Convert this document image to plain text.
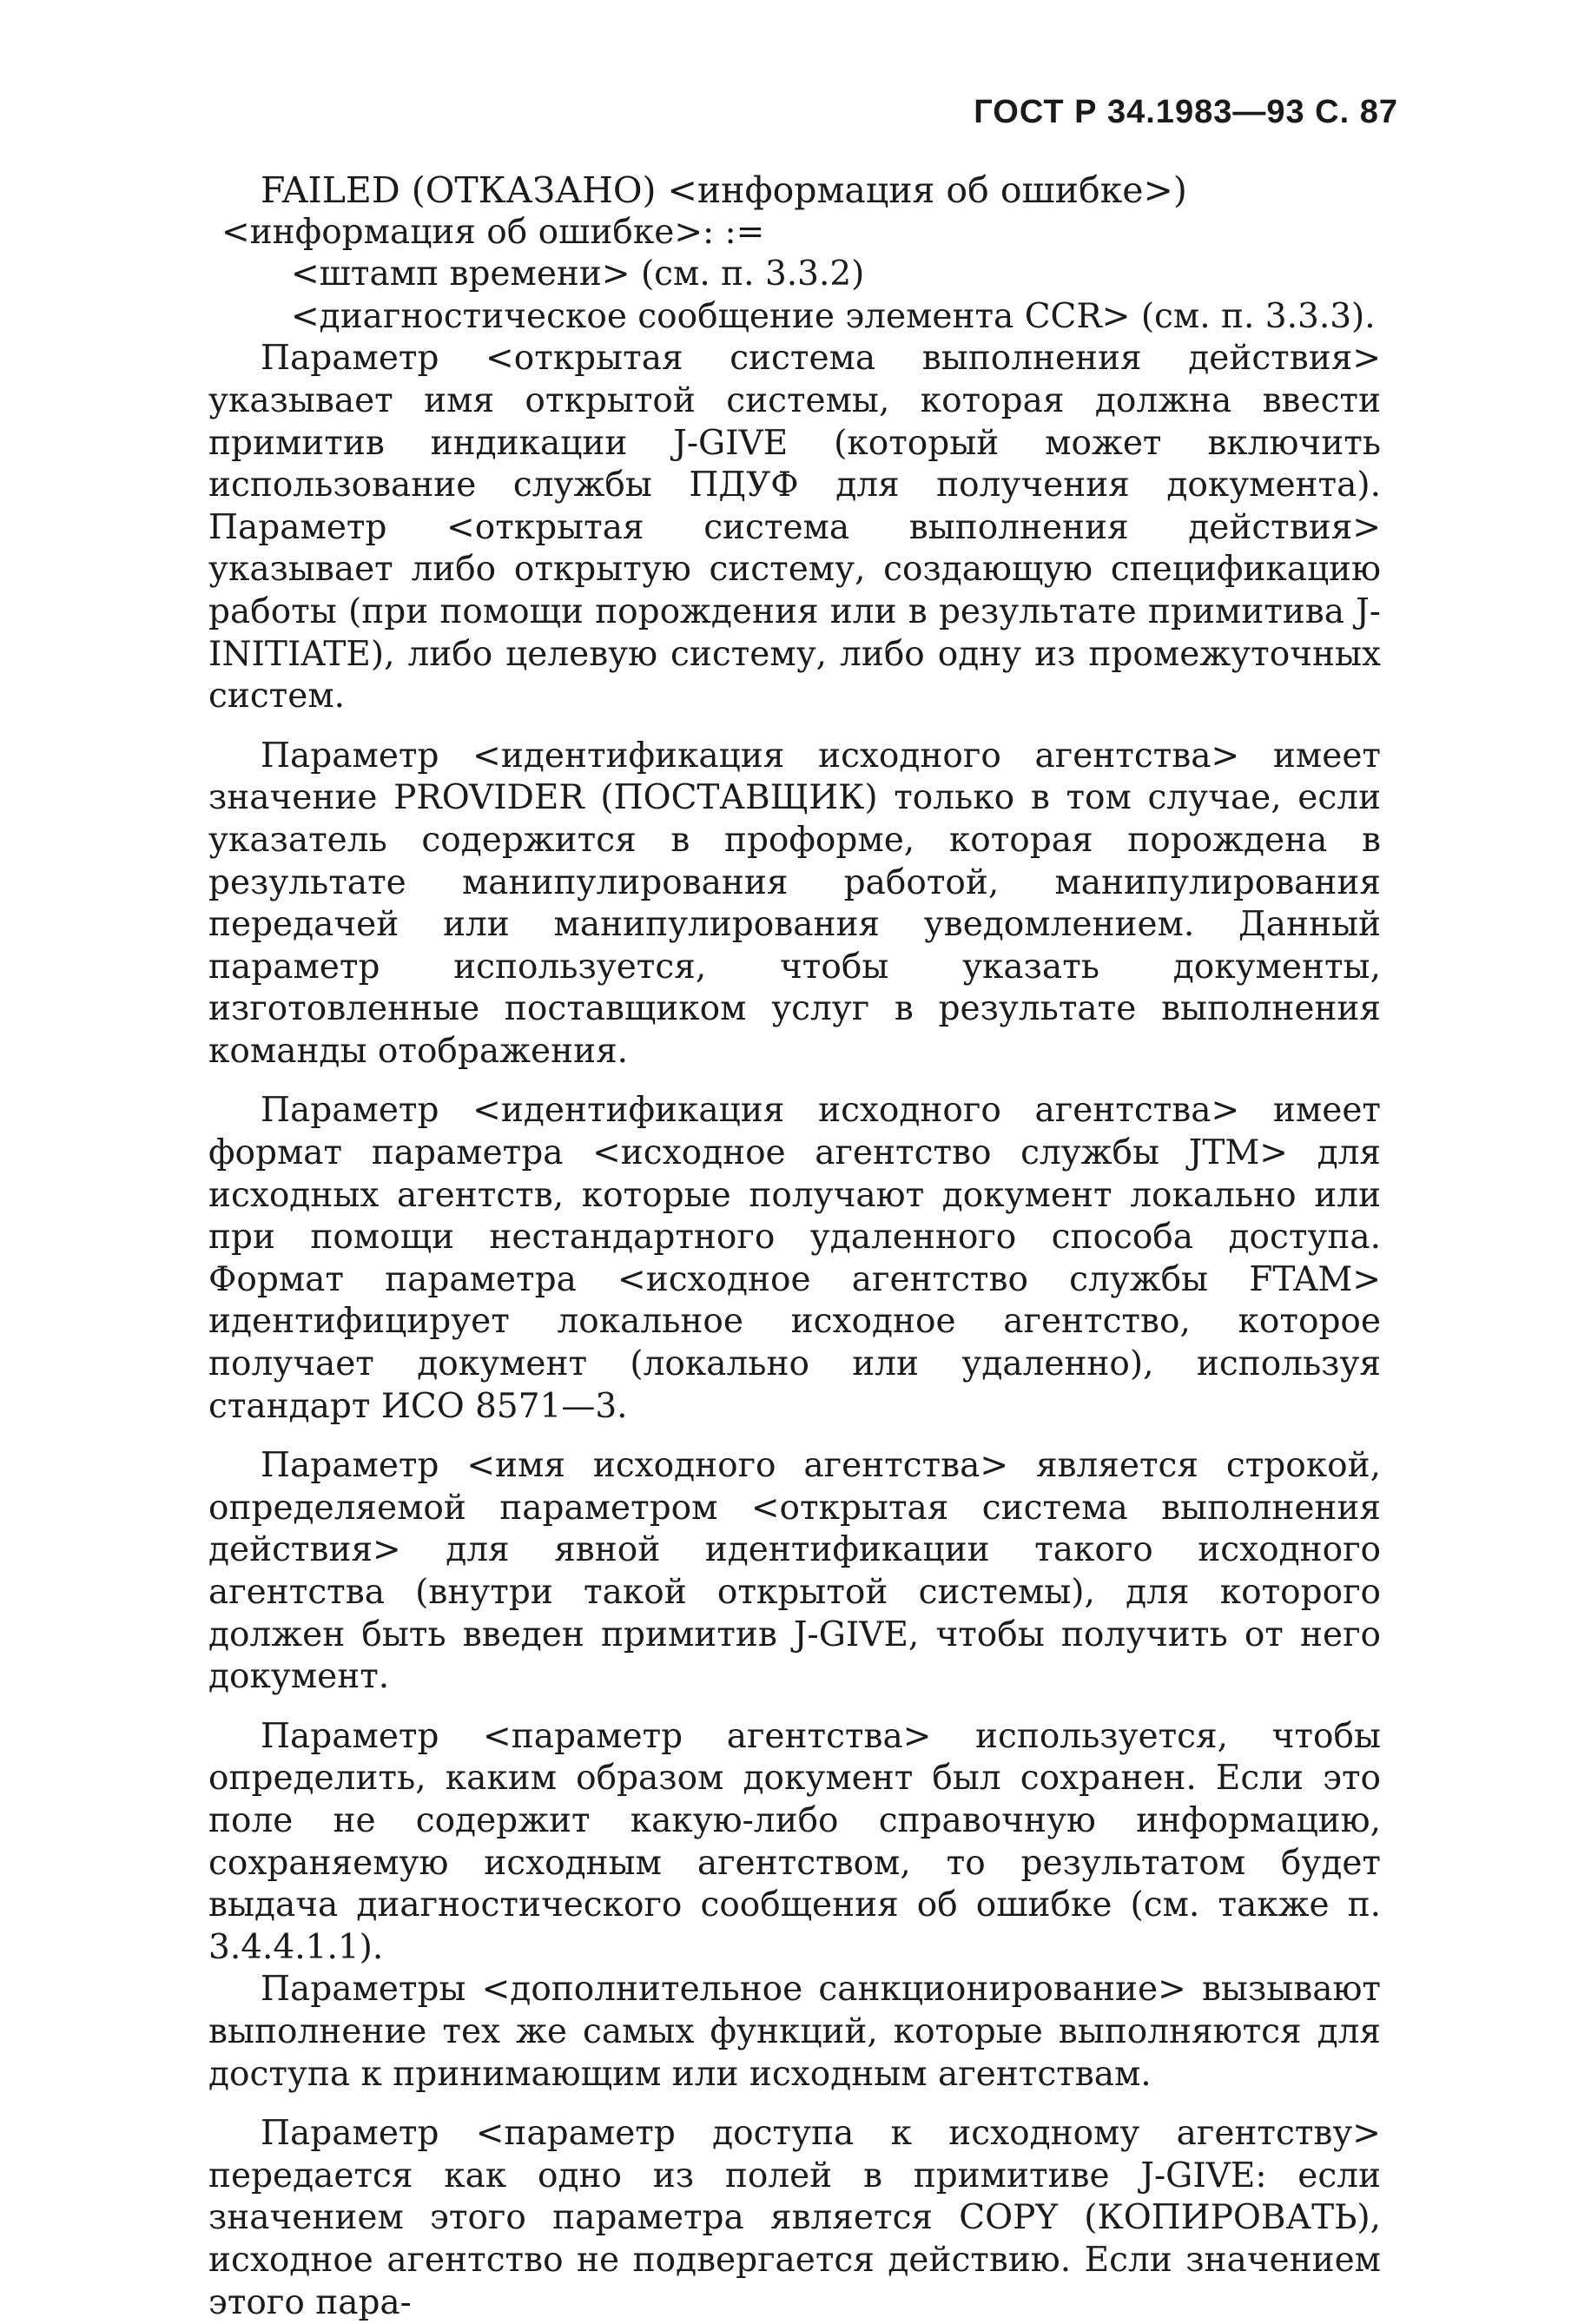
ГОСТ Р 34.1983—93 С. 87

FAILED (ОТКАЗАНО) <информация об ошибке>)

<информация об ошибке>: :=

<штамп времени> (см. п. 3.3.2)

<диагностическое сообщение элемента CCR> (см. п. 3.3.3).

Параметр <открытая система выполнения действия> указывает имя открытой системы, которая должна ввести примитив индикации J-GIVE (который может включить использование службы ПДУФ для получения документа). Параметр <открытая система выполнения действия> указывает либо открытую систему, создающую спецификацию работы (при помощи порождения или в результате примитива J-INITIATE), либо целевую систему, либо одну из промежуточных систем.

Параметр <идентификация исходного агентства> имеет значение PROVIDER (ПОСТАВЩИК) только в том случае, если указатель содержится в проформе, которая порождена в результате манипулирования работой, манипулирования передачей или манипулирования уведомлением. Данный параметр используется, чтобы указать документы, изготовленные поставщиком услуг в результате выполнения команды отображения.

Параметр <идентификация исходного агентства> имеет формат параметра <исходное агентство службы JTM> для исходных агентств, которые получают документ локально или при помощи нестандартного удаленного способа доступа. Формат параметра <исходное агентство службы FTAM> идентифицирует локальное исходное агентство, которое получает документ (локально или удаленно), используя стандарт ИСО 8571—3.

Параметр <имя исходного агентства> является строкой, определяемой параметром <открытая система выполнения действия> для явной идентификации такого исходного агентства (внутри такой открытой системы), для которого должен быть введен примитив J-GIVE, чтобы получить от него документ.

Параметр <параметр агентства> используется, чтобы определить, каким образом документ был сохранен. Если это поле не содержит какую-либо справочную информацию, сохраняемую исходным агентством, то результатом будет выдача диагностического сообщения об ошибке (см. также п. 3.4.4.1.1).

Параметры <дополнительное санкционирование> вызывают выполнение тех же самых функций, которые выполняются для доступа к принимающим или исходным агентствам.

Параметр <параметр доступа к исходному агентству> передается как одно из полей в примитиве J-GIVE: если значением этого параметра является COPY (КОПИРОВАТЬ), исходное агентство не подвергается действию. Если значением этого пара-
